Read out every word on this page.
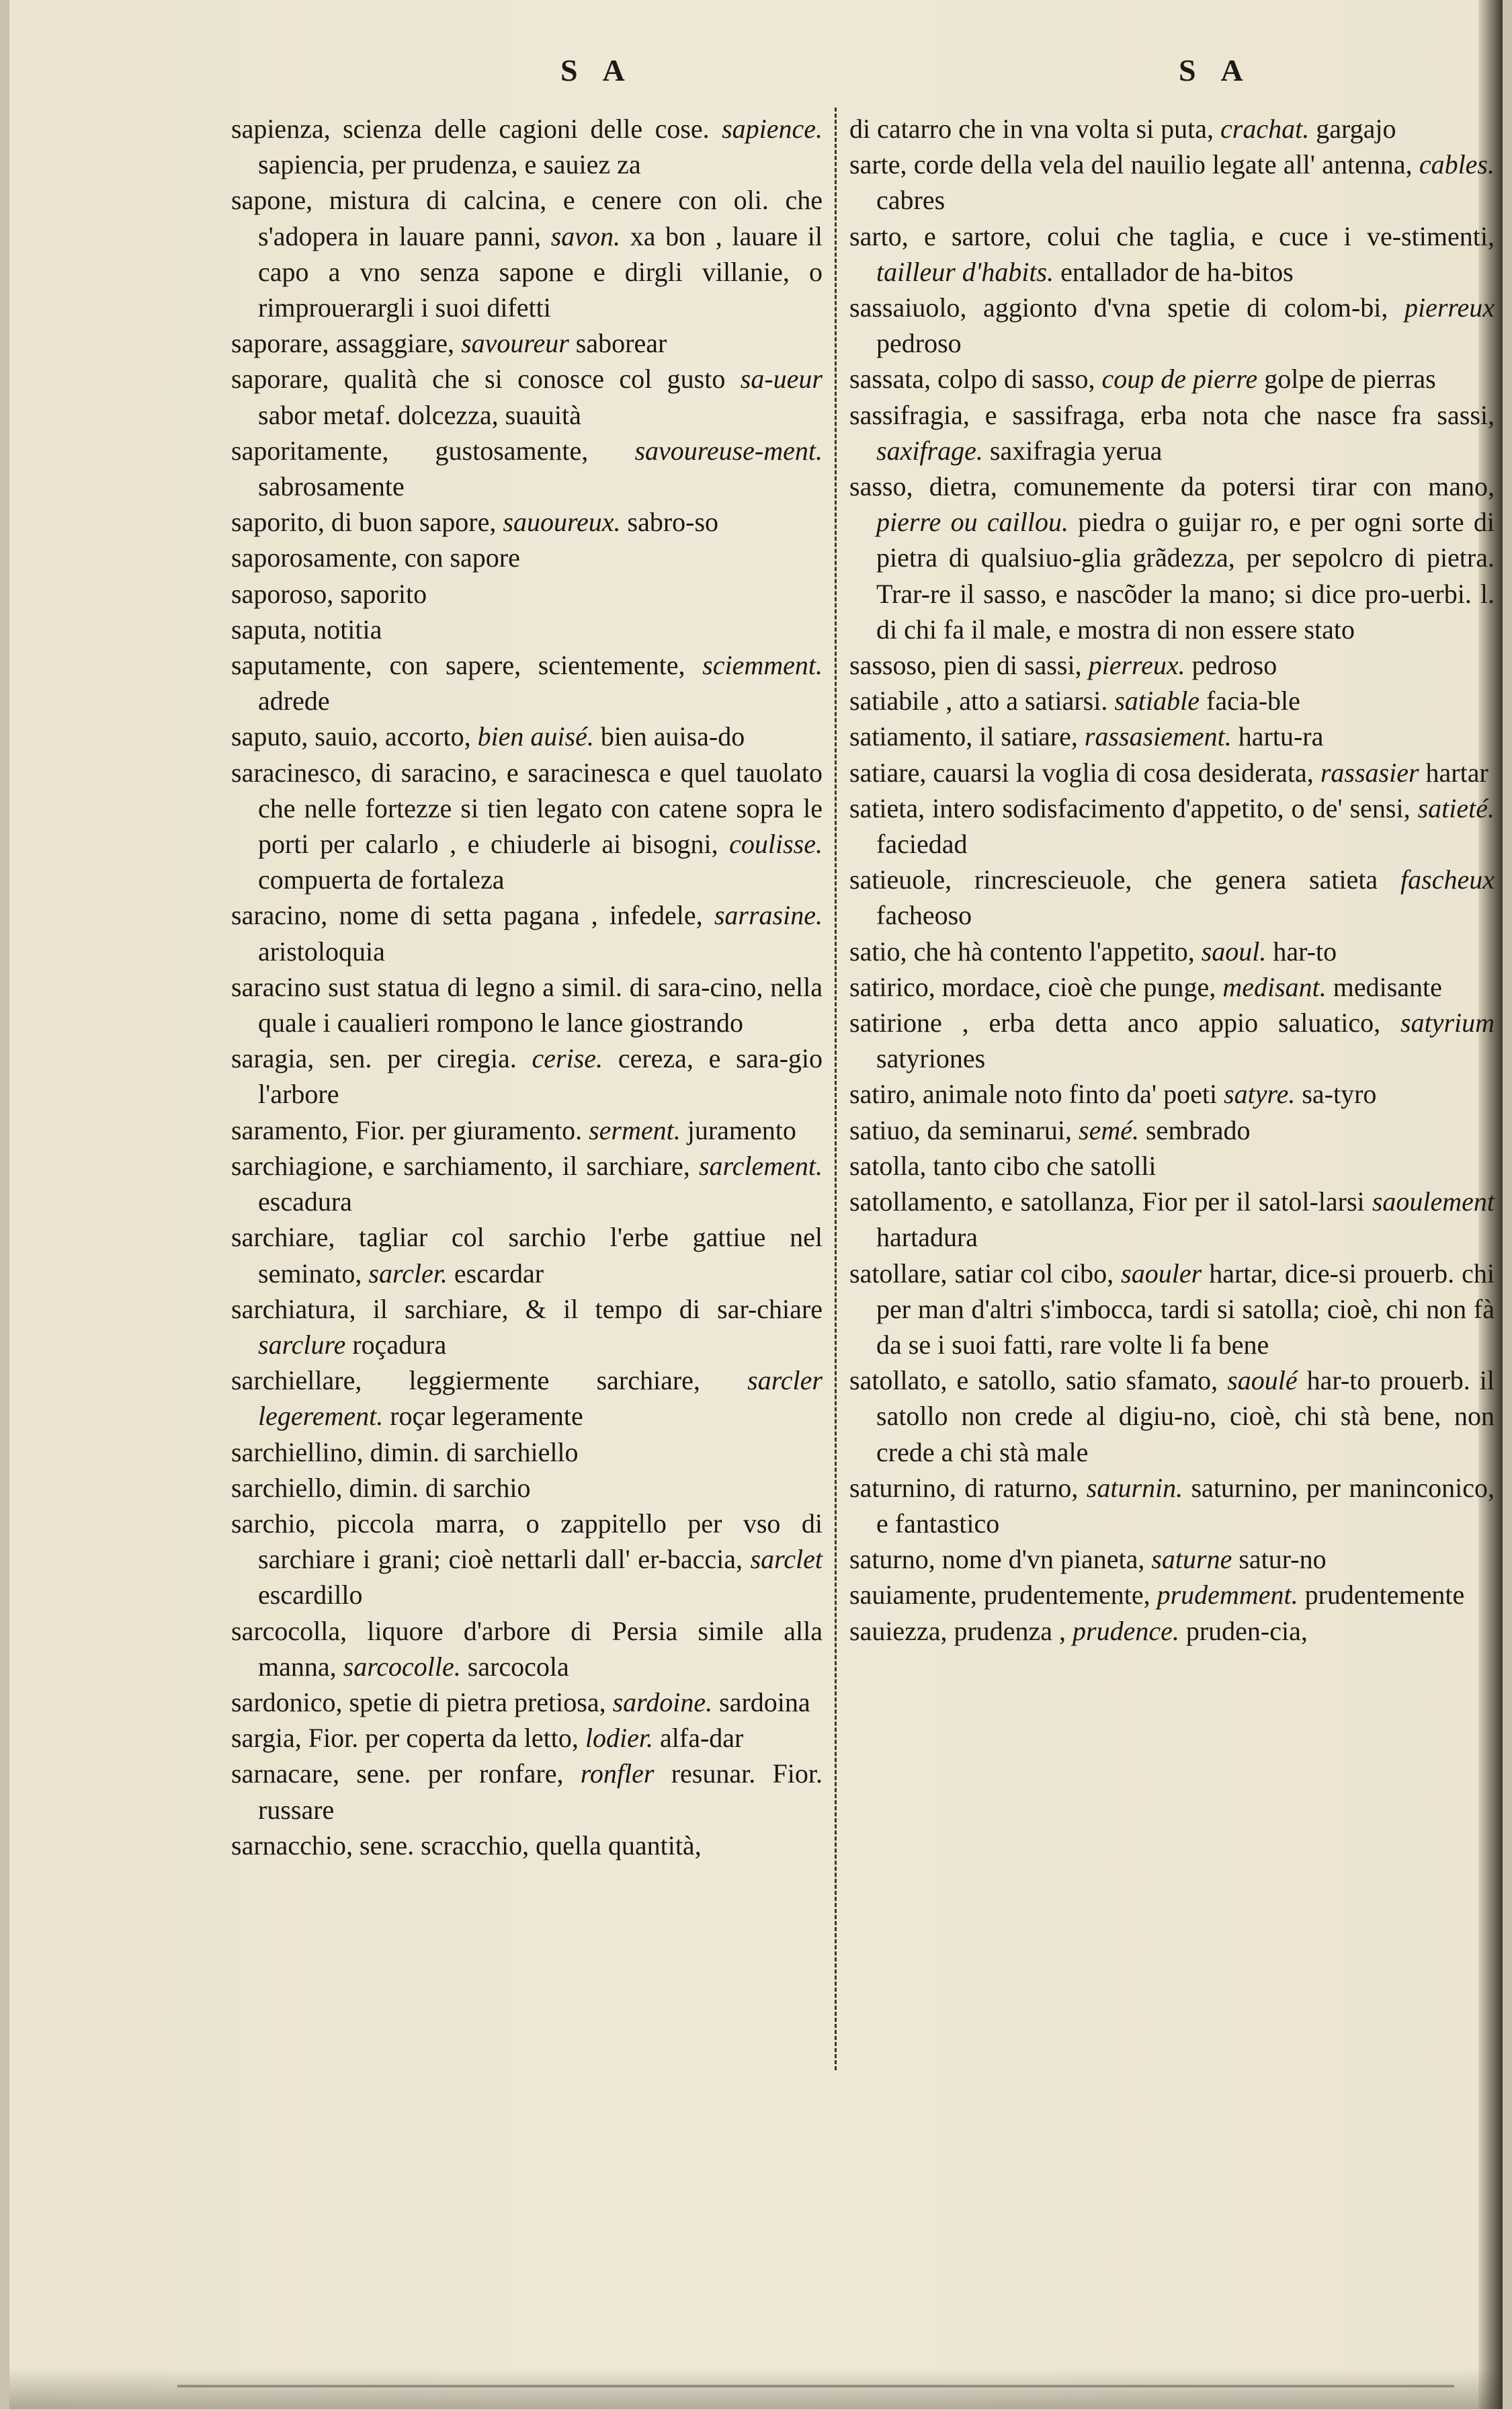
S A	S A

sapienza, scienza delle cagioni delle cose. sapience. sapiencia, per prudenza, e sauiez za

sapone, mistura di calcina, e cenere con oli. che s'adopera in lauare panni, savon. xa bon , lauare il capo a vno senza sapone e dirgli villanie, o rimprouerargli i suoi difetti

saporare, assaggiare, savoureur saborear

saporare, qualità che si conosce col gusto sa-ueur sabor metaf. dolcezza, suauità

saporitamente, gustosamente, savoureuse-ment. sabrosamente

saporito, di buon sapore, sauoureux. sabro-so

saporosamente, con sapore

saporoso, saporito

saputa, notitia

saputamente, con sapere, scientemente, sciemment. adrede

saputo, sauio, accorto, bien auisé. bien auisa-do

saracinesco, di saracino, e saracinesca e quel tauolato che nelle fortezze si tien legato con catene sopra le porti per calarlo , e chiuderle ai bisogni, coulisse. compuerta de fortaleza

saracino, nome di setta pagana , infedele, sarrasine. aristoloquia

saracino sust statua di legno a simil. di sara-cino, nella quale i caualieri rompono le lance giostrando

saragia, sen. per ciregia. cerise. cereza, e sara-gio l'arbore

saramento, Fior. per giuramento. serment. juramento

sarchiagione, e sarchiamento, il sarchiare, sarclement. escadura

sarchiare, tagliar col sarchio l'erbe gattiue nel seminato, sarcler. escardar

sarchiatura, il sarchiare, & il tempo di sar-chiare sarclure roçadura

sarchiellare, leggiermente sarchiare, sarcler legerement. roçar legeramente

sarchiellino, dimin. di sarchiello

sarchiello, dimin. di sarchio

sarchio, piccola marra, o zappitello per vso di sarchiare i grani; cioè nettarli dall' er-baccia, sarclet escardillo

sarcocolla, liquore d'arbore di Persia simile alla manna, sarcocolle. sarcocola

sardonico, spetie di pietra pretiosa, sardoine. sardoina

sargia, Fior. per coperta da letto, lodier. alfa-dar

sarnacare, sene. per ronfare, ronfler resunar. Fior. russare

sarnacchio, sene. scracchio, quella quantità,

di catarro che in vna volta si puta, crachat. gargajo

sarte, corde della vela del nauilio legate all' antenna, cables. cabres

sarto, e sartore, colui che taglia, e cuce i ve-stimenti, tailleur d'habits. entallador de ha-bitos

sassaiuolo, aggionto d'vna spetie di colom-bi, pierreux pedroso

sassata, colpo di sasso, coup de pierre golpe de pierras

sassifragia, e sassifraga, erba nota che nasce fra sassi, saxifrage. saxifragia yerua

sasso, dietra, comunemente da potersi tirar con mano, pierre ou caillou. piedra o guijar ro, e per ogni sorte di pietra di qualsiuo-glia grãdezza, per sepolcro di pietra. Trar-re il sasso, e nascõder la mano; si dice pro-uerbi. l. di chi fa il male, e mostra di non essere stato

sassoso, pien di sassi, pierreux. pedroso

satiabile , atto a satiarsi. satiable facia-ble

satiamento, il satiare, rassasiement. hartu-ra

satiare, cauarsi la voglia di cosa desiderata, rassasier hartar

satieta, intero sodisfacimento d'appetito, o de' sensi, satieté. faciedad

satieuole, rincrescieuole, che genera satieta fascheux facheoso

satio, che hà contento l'appetito, saoul. har-to

satirico, mordace, cioè che punge, medisant. medisante

satirione , erba detta anco appio saluatico, satyrium satyriones

satiro, animale noto finto da' poeti satyre. sa-tyro

satiuo, da seminarui, semé. sembrado

satolla, tanto cibo che satolli

satollamento, e satollanza, Fior per il satol-larsi saoulement hartadura

satollare, satiar col cibo, saouler hartar, dice-si prouerb. chi per man d'altri s'imbocca, tardi si satolla; cioè, chi non fà da se i suoi fatti, rare volte li fa bene

satollato, e satollo, satio sfamato, saoulé har-to prouerb. il satollo non crede al digiu-no, cioè, chi stà bene, non crede a chi stà male

saturnino, di raturno, saturnin. saturnino, per maninconico, e fantastico

saturno, nome d'vn pianeta, saturne satur-no

sauiamente, prudentemente, prudemment. prudentemente

sauiezza, prudenza , prudence. pruden-cia,
